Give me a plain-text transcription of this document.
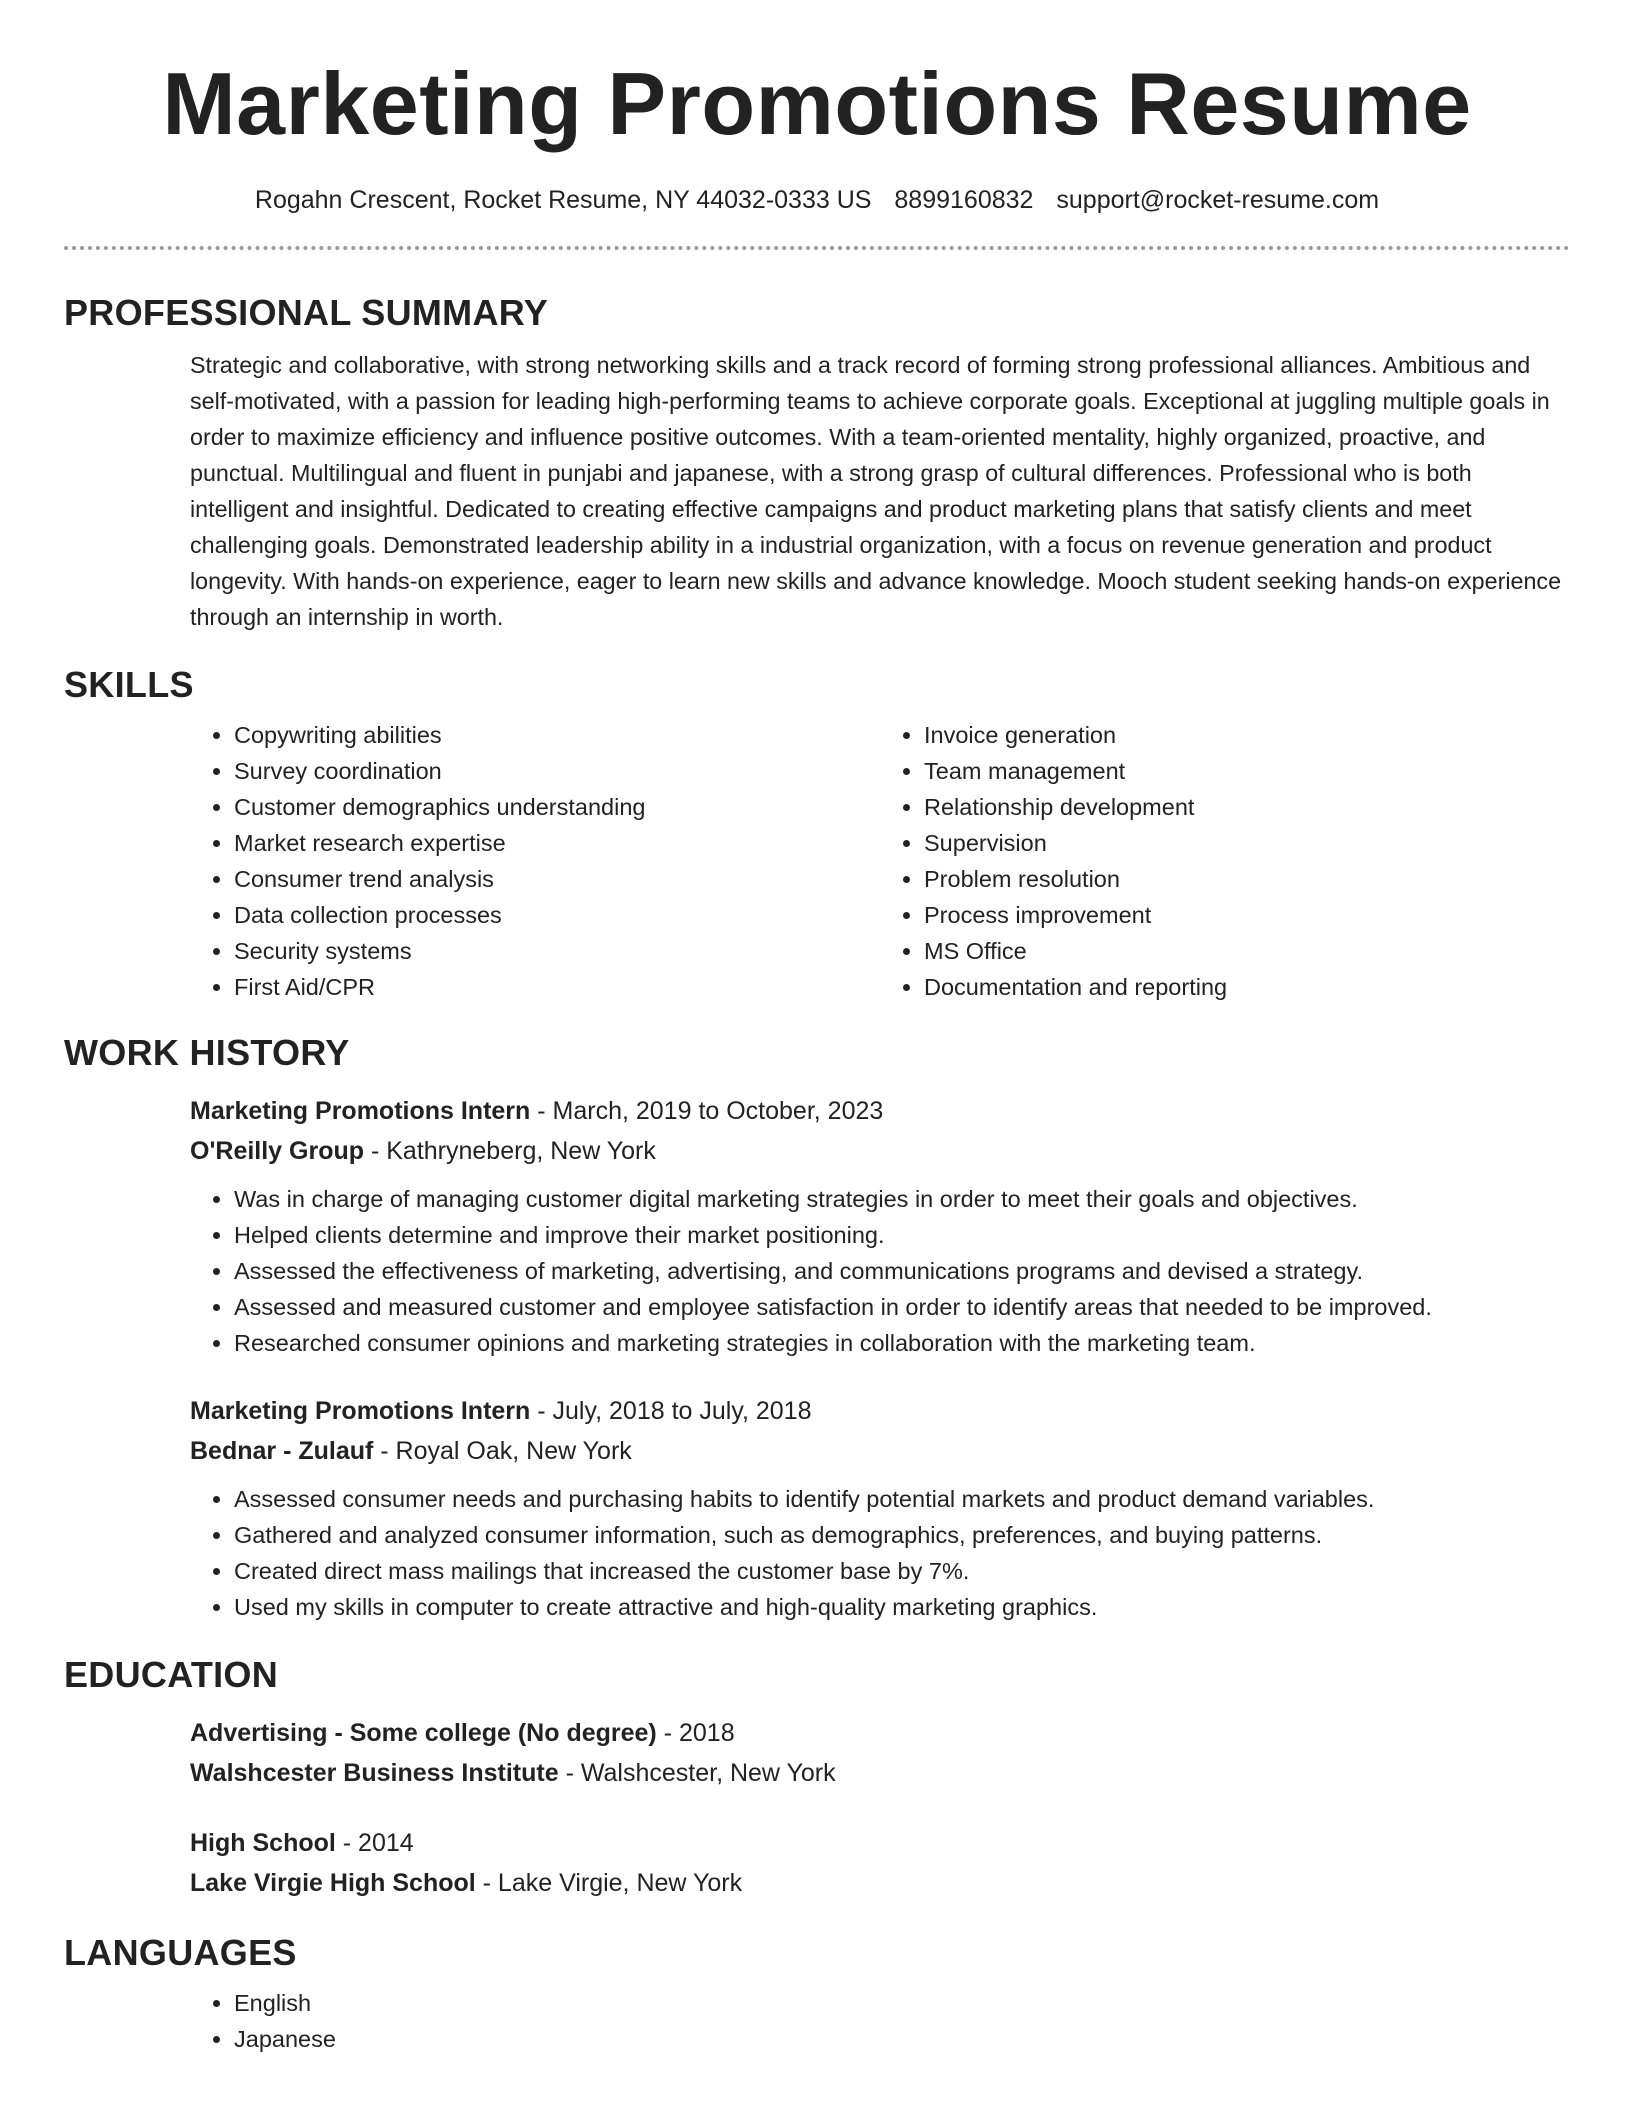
Marketing Promotions Resume
Rogahn Crescent, Rocket Resume, NY 44032-0333 US 8899160832 support@rocket-resume.com
PROFESSIONAL SUMMARY

Strategic and collaborative, with strong networking skills and a track record of forming strong professional alliances. Ambitious and self-motivated, with a passion for leading high-performing teams to achieve corporate goals. Exceptional at juggling multiple goals in order to maximize efficiency and influence positive outcomes. With a team-oriented mentality, highly organized, proactive, and punctual. Multilingual and fluent in punjabi and japanese, with a strong grasp of cultural differences. Professional who is both intelligent and insightful. Dedicated to creating effective campaigns and product marketing plans that satisfy clients and meet challenging goals. Demonstrated leadership ability in a industrial organization, with a focus on revenue generation and product longevity. With hands-on experience, eager to learn new skills and advance knowledge. Mooch student seeking hands-on experience through an internship in worth.

SKILLS
• Copywriting abilities
• Survey coordination
• Customer demographics understanding
• Market research expertise
• Consumer trend analysis
• Data collection processes
• Security systems
• First Aid/CPR
• Invoice generation
• Team management
• Relationship development
• Supervision
• Problem resolution
• Process improvement
• MS Office
• Documentation and reporting
WORK HISTORY
Marketing Promotions Intern - March, 2019 to October, 2023
O'Reilly Group - Kathryneberg, New York
• Was in charge of managing customer digital marketing strategies in order to meet their goals and objectives.
• Helped clients determine and improve their market positioning.
• Assessed the effectiveness of marketing, advertising, and communications programs and devised a strategy.
• Assessed and measured customer and employee satisfaction in order to identify areas that needed to be improved.
• Researched consumer opinions and marketing strategies in collaboration with the marketing team.
Marketing Promotions Intern - July, 2018 to July, 2018
Bednar - Zulauf - Royal Oak, New York
• Assessed consumer needs and purchasing habits to identify potential markets and product demand variables.
• Gathered and analyzed consumer information, such as demographics, preferences, and buying patterns.
• Created direct mass mailings that increased the customer base by 7%.
• Used my skills in computer to create attractive and high-quality marketing graphics.
EDUCATION
Advertising - Some college (No degree) - 2018
Walshcester Business Institute - Walshcester, New York
High School - 2014
Lake Virgie High School - Lake Virgie, New York
LANGUAGES
• English
• Japanese
